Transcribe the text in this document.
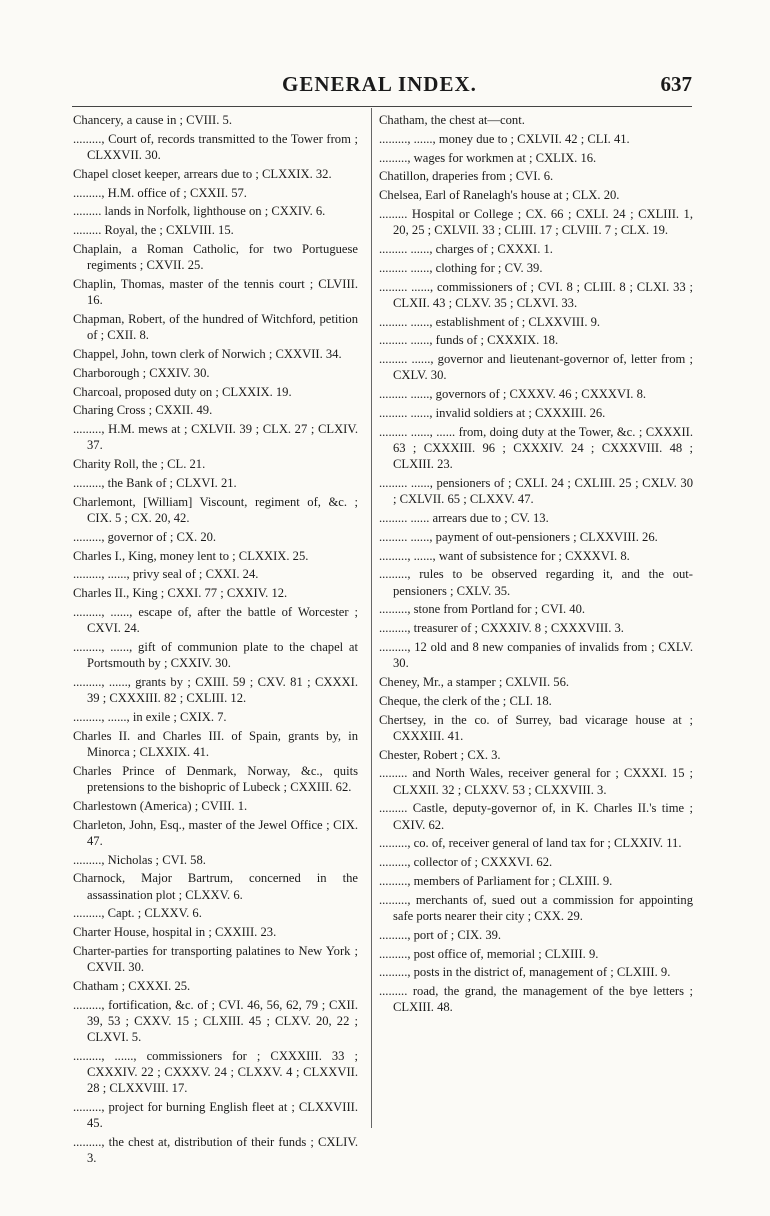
GENERAL INDEX.	637

Chancery, a cause in ; CVIII. 5.

........., Court of, records transmitted to the Tower from ; CLXXVII. 30.

Chapel closet keeper, arrears due to ; CLXXIX. 32.

........., H.M. office of ; CXXII. 57.

......... lands in Norfolk, lighthouse on ; CXXIV. 6.

......... Royal, the ; CXLVIII. 15.

Chaplain, a Roman Catholic, for two Portuguese regiments ; CXVII. 25.

Chaplin, Thomas, master of the tennis court ; CLVIII. 16.

Chapman, Robert, of the hundred of Witchford, petition of ; CXII. 8.

Chappel, John, town clerk of Norwich ; CXXVII. 34.

Charborough ; CXXIV. 30.

Charcoal, proposed duty on ; CLXXIX. 19.

Charing Cross ; CXXII. 49.

........., H.M. mews at ; CXLVII. 39 ; CLX. 27 ; CLXIV. 37.

Charity Roll, the ; CL. 21.

........., the Bank of ; CLXVI. 21.

Charlemont, [William] Viscount, regiment of, &c. ; CIX. 5 ; CX. 20, 42.

........., governor of ; CX. 20.

Charles I., King, money lent to ; CLXXIX. 25.

........., ......, privy seal of ; CXXI. 24.

Charles II., King ; CXXI. 77 ; CXXIV. 12.

........., ......, escape of, after the battle of Worcester ; CXVI. 24.

........., ......, gift of communion plate to the chapel at Portsmouth by ; CXXIV. 30.

........., ......, grants by ; CXIII. 59 ; CXV. 81 ; CXXXI. 39 ; CXXXIII. 82 ; CXLIII. 12.

........., ......, in exile ; CXIX. 7.

Charles II. and Charles III. of Spain, grants by, in Minorca ; CLXXIX. 41.

Charles Prince of Denmark, Norway, &c., quits pretensions to the bishopric of Lubeck ; CXXIII. 62.

Charlestown (America) ; CVIII. 1.

Charleton, John, Esq., master of the Jewel Office ; CIX. 47.

........., Nicholas ; CVI. 58.

Charnock, Major Bartrum, concerned in the assassination plot ; CLXXV. 6.

........., Capt. ; CLXXV. 6.

Charter House, hospital in ; CXXIII. 23.

Charter-parties for transporting palatines to New York ; CXVII. 30.

Chatham ; CXXXI. 25.

........., fortification, &c. of ; CVI. 46, 56, 62, 79 ; CXII. 39, 53 ; CXXV. 15 ; CLXIII. 45 ; CLXV. 20, 22 ; CLXVI. 5.

........., ......, commissioners for ; CXXXIII. 33 ; CXXXIV. 22 ; CXXXV. 24 ; CLXXV. 4 ; CLXXVII. 28 ; CLXXVIII. 17.

........., project for burning English fleet at ; CLXXVIII. 45.

........., the chest at, distribution of their funds ; CXLIV. 3.

Chatham, the chest at—cont.

........., ......, money due to ; CXLVII. 42 ; CLI. 41.

........., wages for workmen at ; CXLIX. 16.

Chatillon, draperies from ; CVI. 6.

Chelsea, Earl of Ranelagh's house at ; CLX. 20.

......... Hospital or College ; CX. 66 ; CXLI. 24 ; CXLIII. 1, 20, 25 ; CXLVII. 33 ; CLIII. 17 ; CLVIII. 7 ; CLX. 19.

......... ......, charges of ; CXXXI. 1.

......... ......, clothing for ; CV. 39.

......... ......, commissioners of ; CVI. 8 ; CLIII. 8 ; CLXI. 33 ; CLXII. 43 ; CLXV. 35 ; CLXVI. 33.

......... ......, establishment of ; CLXXVIII. 9.

......... ......, funds of ; CXXXIX. 18.

......... ......, governor and lieutenant-governor of, letter from ; CXLV. 30.

......... ......, governors of ; CXXXV. 46 ; CXXXVI. 8.

......... ......, invalid soldiers at ; CXXXIII. 26.

......... ......, ...... from, doing duty at the Tower, &c. ; CXXXII. 63 ; CXXXIII. 96 ; CXXXIV. 24 ; CXXXVIII. 48 ; CLXIII. 23.

......... ......, pensioners of ; CXLI. 24 ; CXLIII. 25 ; CXLV. 30 ; CXLVII. 65 ; CLXXV. 47.

......... ...... arrears due to ; CV. 13.

......... ......, payment of out-pensioners ; CLXXVIII. 26.

........., ......, want of subsistence for ; CXXXVI. 8.

........., rules to be observed regarding it, and the out-pensioners ; CXLV. 35.

........., stone from Portland for ; CVI. 40.

........., treasurer of ; CXXXIV. 8 ; CXXXVIII. 3.

........., 12 old and 8 new companies of invalids from ; CXLV. 30.

Cheney, Mr., a stamper ; CXLVII. 56.

Cheque, the clerk of the ; CLI. 18.

Chertsey, in the co. of Surrey, bad vicarage house at ; CXXXIII. 41.

Chester, Robert ; CX. 3.

......... and North Wales, receiver general for ; CXXXI. 15 ; CLXXII. 32 ; CLXXV. 53 ; CLXXVIII. 3.

......... Castle, deputy-governor of, in K. Charles II.'s time ; CXIV. 62.

........., co. of, receiver general of land tax for ; CLXXIV. 11.

........., collector of ; CXXXVI. 62.

........., members of Parliament for ; CLXIII. 9.

........., merchants of, sued out a commission for appointing safe ports nearer their city ; CXX. 29.

........., port of ; CIX. 39.

........., post office of, memorial ; CLXIII. 9.

........., posts in the district of, management of ; CLXIII. 9.

......... road, the grand, the management of the bye letters ; CLXIII. 48.
